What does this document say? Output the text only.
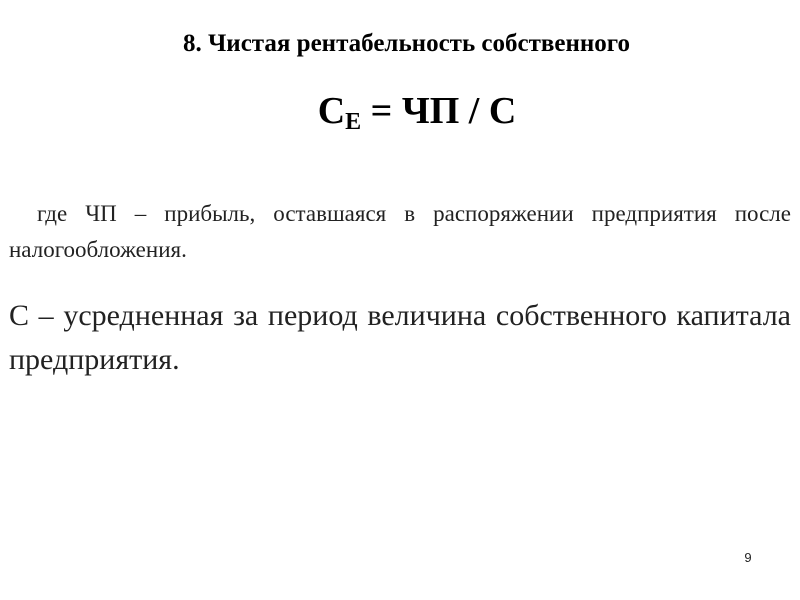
8. Чистая рентабельность собственного
$С_Е$ = ЧП / С

где ЧП – прибыль, оставшаяся в распоряжении предприятия после налогообложения.

С – усредненная за период величина собственного капитала предприятия.

9
